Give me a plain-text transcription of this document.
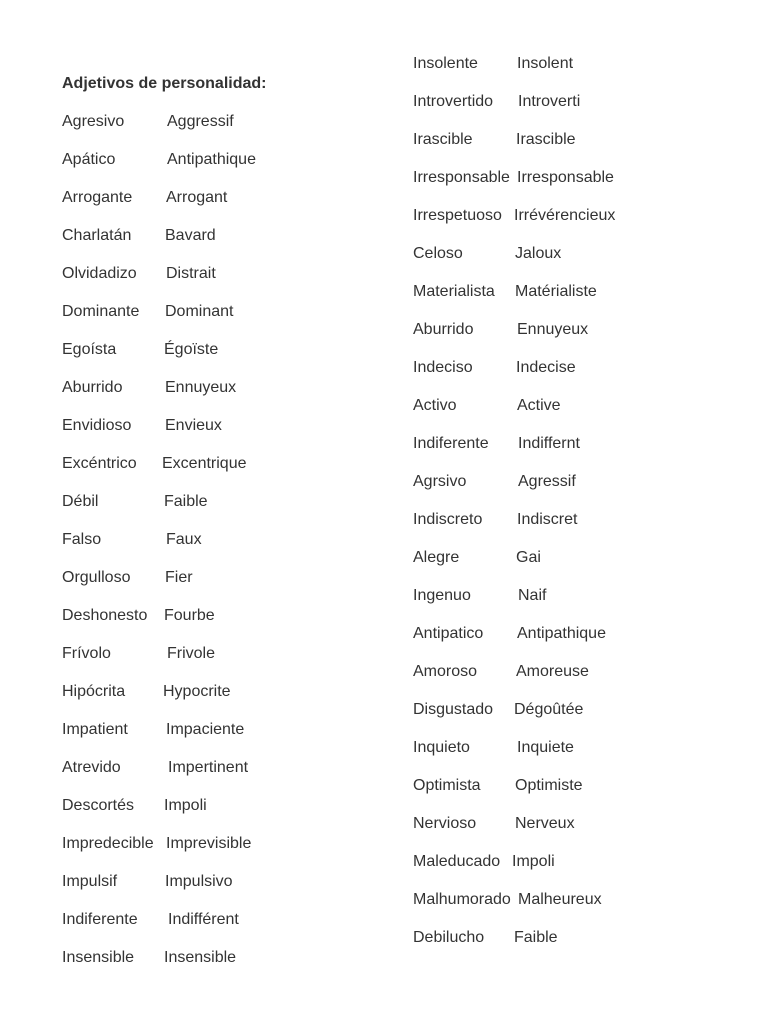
Adjetivos de personalidad:
Agresivo	Aggressif
Apático	Antipathique
Arrogante Arrogant
Charlatán Bavard
Olvidadizo Distrait
Dominante Dominant
Egoísta	Égoïste
Aburrido	Ennuyeux
Envidioso Envieux
Excéntrico Excentrique
Débil	Faible
Falso	Faux
Orgulloso Fier
Deshonesto Fourbe
Frívolo	Frivole
Hipócrita Hypocrite
Impatient Impaciente
Atrevido	Impertinent
Descortés Impoli
Impredecible Imprevisible
Impulsif	Impulsivo
Indiferente Indifférent
Insensible Insensible
Insolente Insolent
Introvertido Introverti
Irascible	Irascible
Irresponsable Irresponsable
Irrespetuoso Irrévérencieux
Celoso	Jaloux
Materialista Matérialiste
Aburrido	Ennuyeux
Indeciso	Indecise
Activo	Active
Indiferente Indiffernt
Agrsivo	Agressif
Indiscreto Indiscret
Alegre	Gai
Ingenuo	Naif
Antipatico Antipathique
Amoroso Amoreuse
Disgustado Dégoûtée
Inquieto	Inquiete
Optimista Optimiste
Nervioso Nerveux
Maleducado Impoli
Malhumorado Malheureux
Debilucho Faible
